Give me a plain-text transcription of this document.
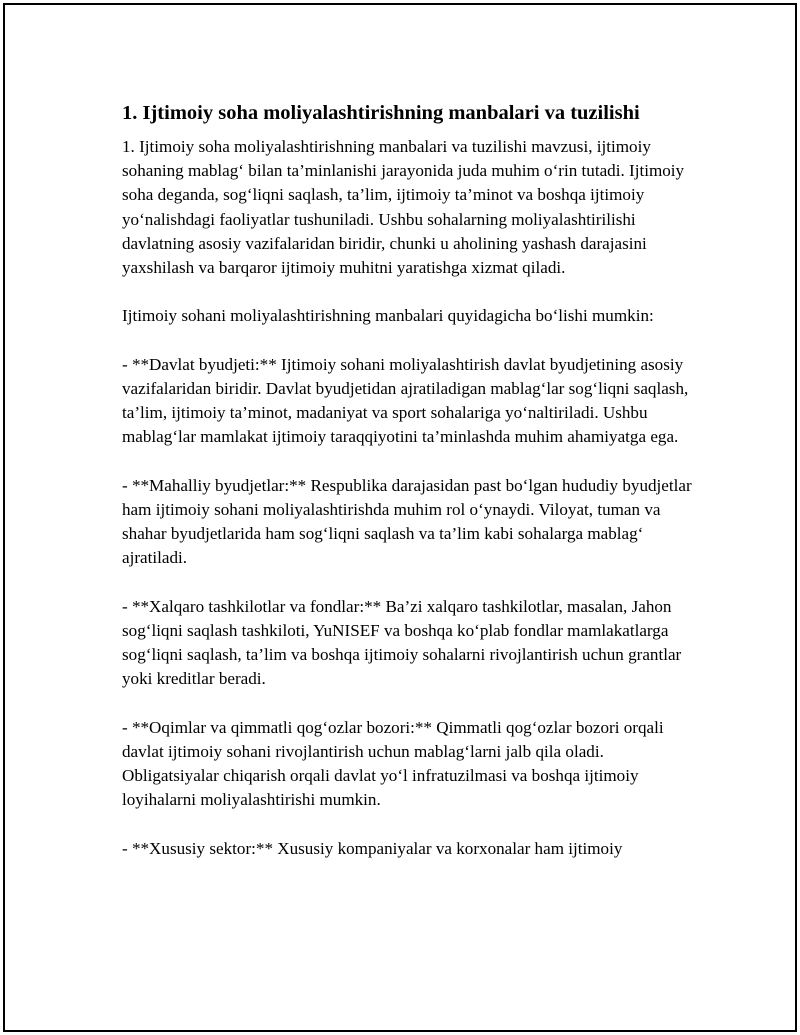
1. Ijtimoiy soha moliyalashtirishning manbalari va tuzilishi

1. Ijtimoiy soha moliyalashtirishning manbalari va tuzilishi mavzusi, ijtimoiy sohaning mablag‘ bilan ta’minlanishi jarayonida juda muhim o‘rin tutadi. Ijtimoiy soha deganda, sog‘liqni saqlash, ta’lim, ijtimoiy ta’minot va boshqa ijtimoiy yo‘nalishdagi faoliyatlar tushuniladi. Ushbu sohalarning moliyalashtirilishi davlatning asosiy vazifalaridan biridir, chunki u aholining yashash darajasini yaxshilash va barqaror ijtimoiy muhitni yaratishga xizmat qiladi.

Ijtimoiy sohani moliyalashtirishning manbalari quyidagicha bo‘lishi mumkin:

- **Davlat byudjeti:** Ijtimoiy sohani moliyalashtirish davlat byudjetining asosiy vazifalaridan biridir. Davlat byudjetidan ajratiladigan mablag‘lar sog‘liqni saqlash, ta’lim, ijtimoiy ta’minot, madaniyat va sport sohalariga yo‘naltiriladi. Ushbu mablag‘lar mamlakat ijtimoiy taraqqiyotini ta’minlashda muhim ahamiyatga ega.

- **Mahalliy byudjetlar:** Respublika darajasidan past bo‘lgan hududiy byudjetlar ham ijtimoiy sohani moliyalashtirishda muhim rol o‘ynaydi. Viloyat, tuman va shahar byudjetlarida ham sog‘liqni saqlash va ta’lim kabi sohalarga mablag‘ ajratiladi.

- **Xalqaro tashkilotlar va fondlar:** Ba’zi xalqaro tashkilotlar, masalan, Jahon sog‘liqni saqlash tashkiloti, YuNISEF va boshqa ko‘plab fondlar mamlakatlarga sog‘liqni saqlash, ta’lim va boshqa ijtimoiy sohalarni rivojlantirish uchun grantlar yoki kreditlar beradi.

- **Oqimlar va qimmatli qog‘ozlar bozori:** Qimmatli qog‘ozlar bozori orqali davlat ijtimoiy sohani rivojlantirish uchun mablag‘larni jalb qila oladi. Obligatsiyalar chiqarish orqali davlat yo‘l infratuzilmasi va boshqa ijtimoiy loyihalarni moliyalashtirishi mumkin.

- **Xususiy sektor:** Xususiy kompaniyalar va korxonalar ham ijtimoiy
